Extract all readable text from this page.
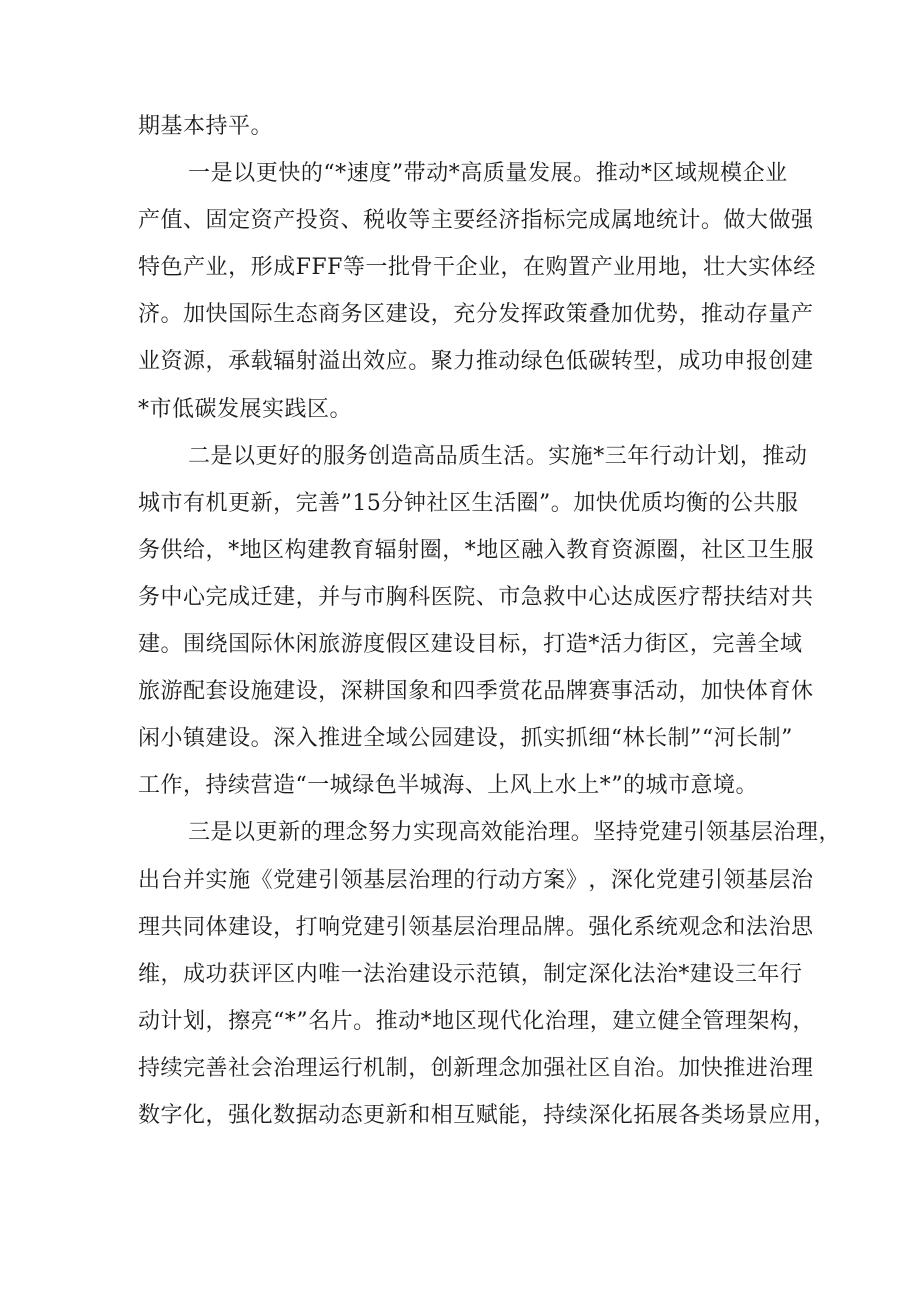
期基本持平。
一 是 以 更 快 的 “ * 速 度 ” 带 动 * 高 质 量 发 展 。 推 动 * 区 域 规 模 企 业
产 值 、 固 定 资 产 投 资 、 税 收 等 主 要 经 济 指 标 完 成 属 地 统 计 。 做 大 做 强
特 色 产 业 ， 形 成 FFF 等 一 批 骨 干 企 业 ， 在 购 置 产 业 用 地 ， 壮 大 实 体 经
济 。 加 快 国 际 生 态 商 务 区 建 设 ， 充 分 发 挥 政 策 叠 加 优 势 ， 推 动 存 量 产
业 资 源 ， 承 载 辐 射 溢 出 效 应 。 聚 力 推 动 绿 色 低 碳 转 型 ， 成 功 申 报 创 建
*市低碳发展实践区。
二 是 以 更 好 的 服 务 创 造 高 品 质 生 活 。 实 施 * 三 年 行 动 计 划 ， 推 动
城 市 有 机 更 新 ， 完 善 ” 15 分 钟 社 区 生 活 圈 ” 。 加 快 优 质 均 衡 的 公 共 服
务 供 给 ， * 地 区 构 建 教 育 辐 射 圈 ， * 地 区 融 入 教 育 资 源 圈 ， 社 区 卫 生 服
务 中 心 完 成 迁 建 ， 并 与 市 胸 科 医 院 、 市 急 救 中 心 达 成 医 疗 帮 扶 结 对 共
建 。 围 绕 国 际 休 闲 旅 游 度 假 区 建 设 目 标 ， 打 造 * 活 力 街 区 ， 完 善 全 域
旅 游 配 套 设 施 建 设 ， 深 耕 国 象 和 四 季 赏 花 品 牌 赛 事 活 动 ， 加 快 体 育 休
闲 小 镇 建 设 。 深 入 推 进 全 域 公 园 建 设 ， 抓 实 抓 细 “ 林 长 制 ” “ 河 长 制 ”
工作，持续营造“一城绿色半城海、上风上水上*”的城市意境。
三 是 以 更 新 的 理 念 努 力 实 现 高 效 能 治 理 。 坚 持 党 建 引 领 基 层 治 理 ，
出 台 并 实 施 《 党 建 引 领 基 层 治 理 的 行 动 方 案 》 ， 深 化 党 建 引 领 基 层 治
理 共 同 体 建 设 ， 打 响 党 建 引 领 基 层 治 理 品 牌 。 强 化 系 统 观 念 和 法 治 思
维 ， 成 功 获 评 区 内 唯 一 法 治 建 设 示 范 镇 ， 制 定 深 化 法 治 * 建 设 三 年 行
动 计 划 ， 擦 亮 “ * ” 名 片 。 推 动 * 地 区 现 代 化 治 理 ， 建 立 健 全 管 理 架 构 ，
持 续 完 善 社 会 治 理 运 行 机 制 ， 创 新 理 念 加 强 社 区 自 治 。 加 快 推 进 治 理
数 字 化 ， 强 化 数 据 动 态 更 新 和 相 互 赋 能 ， 持 续 深 化 拓 展 各 类 场 景 应 用 ，
